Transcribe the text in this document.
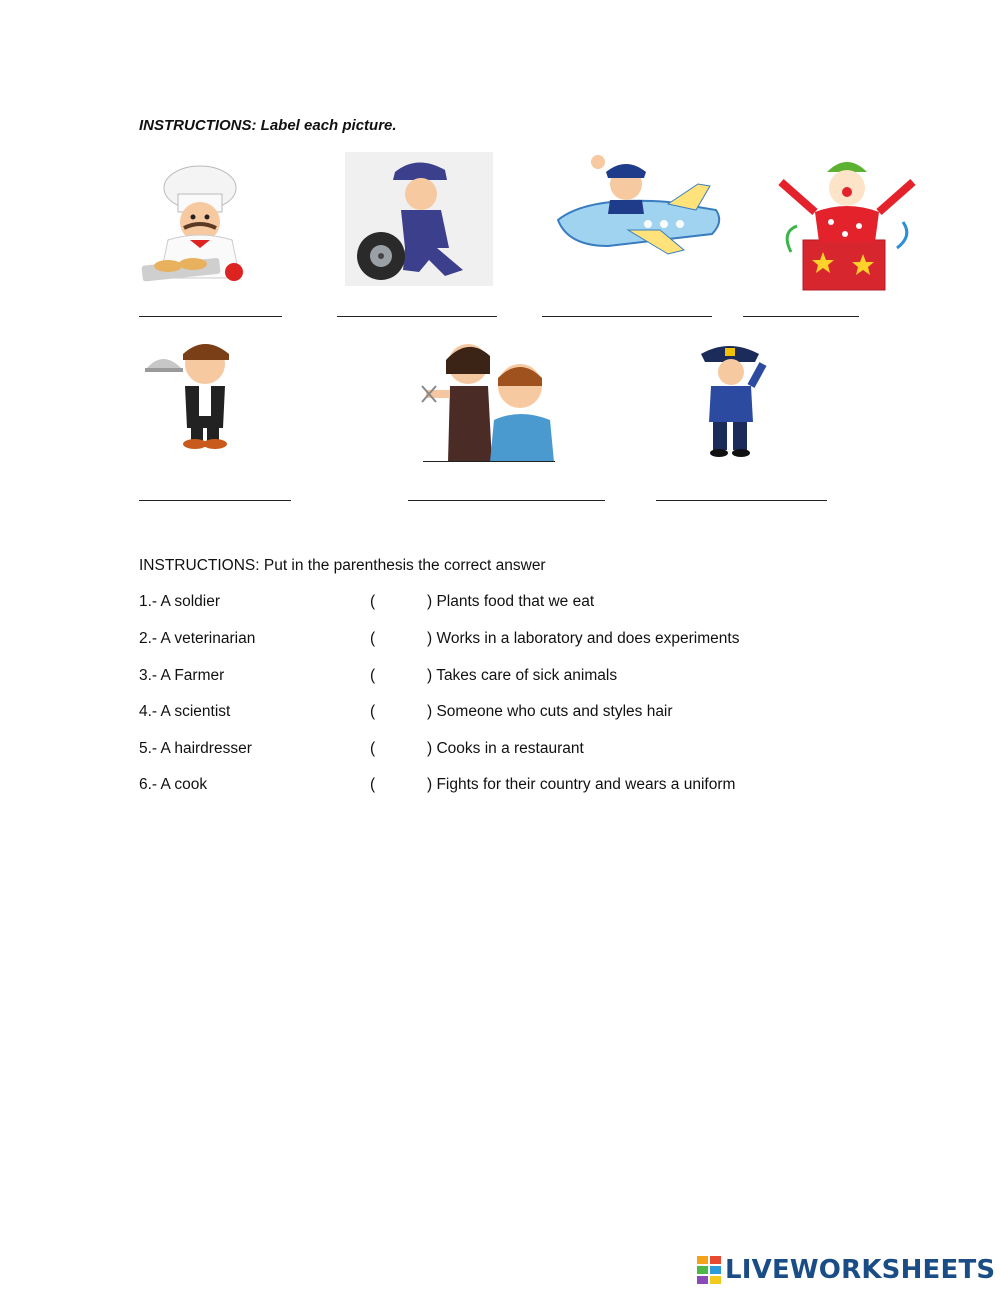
INSTRUCTIONS: Label each picture.
INSTRUCTIONS: Put in the parenthesis the correct answer
1.- A soldier	(	) Plants food that we eat
2.- A veterinarian	(	) Works in a laboratory and does experiments
3.- A Farmer	(	) Takes care of sick animals
4.- A scientist	(	) Someone who cuts and styles hair
5.- A hairdresser	(	) Cooks in a restaurant
6.- A cook	(	) Fights for their country and wears a uniform
LIVEWORKSHEETS
